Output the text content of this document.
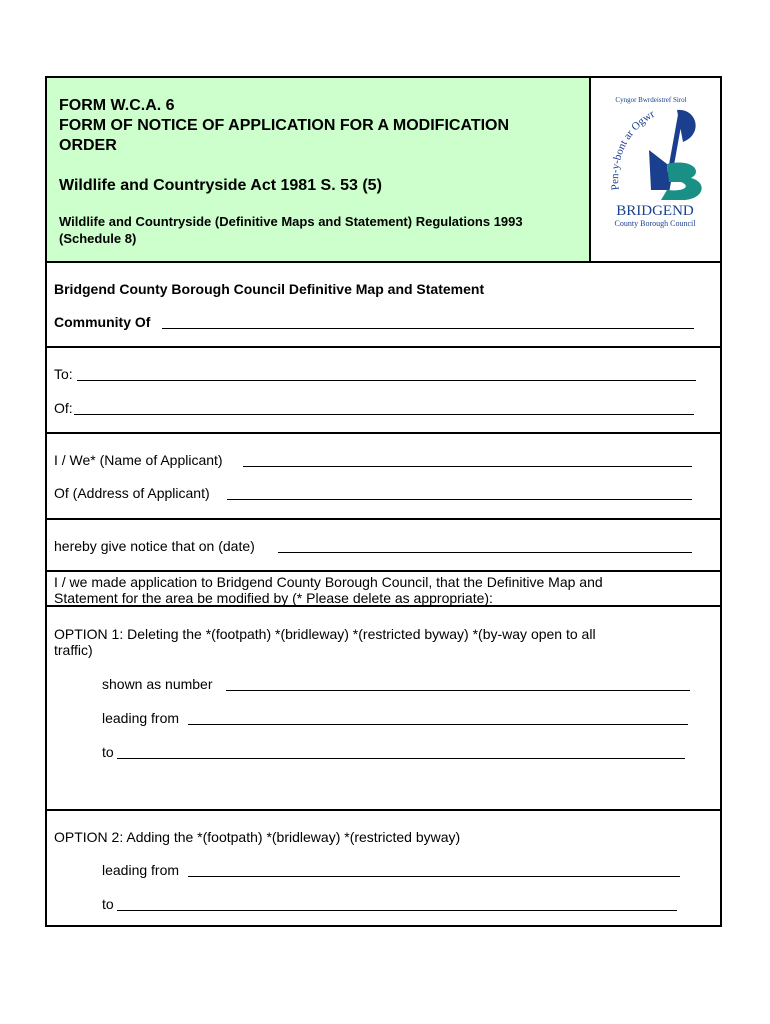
FORM W.C.A. 6
FORM OF NOTICE OF APPLICATION FOR A MODIFICATION
ORDER
Wildlife and Countryside Act 1981 S. 53 (5)
Wildlife and Countryside (Definitive Maps and Statement) Regulations 1993
(Schedule 8)
Cyngor Bwrdeistref Sirol
Pen-y-bont ar Ogwr
BRIDGEND
County Borough Council
Bridgend County Borough Council Definitive Map and Statement
Community Of
To:
Of:
I / We* (Name of Applicant)
Of (Address of Applicant)
hereby give notice that on (date)
I / we made application to Bridgend County Borough Council, that the Definitive Map and
Statement for the area be modified by (* Please delete as appropriate):
OPTION 1: Deleting the *(footpath) *(bridleway) *(restricted byway) *(by-way open to all
traffic)
shown as number
leading from
to
OPTION 2: Adding the *(footpath) *(bridleway) *(restricted byway)
leading from
to
